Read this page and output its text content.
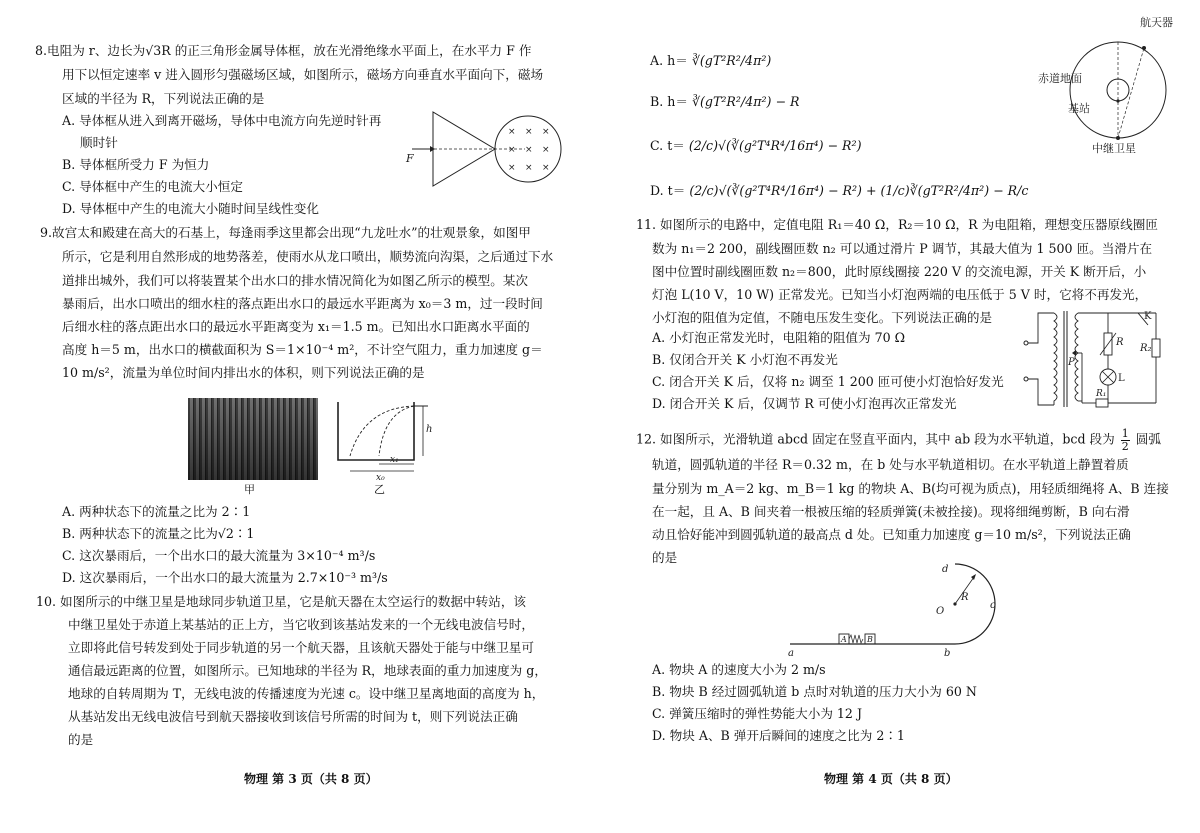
8.电阻为 r、边长为√3R 的正三角形金属导体框，放在光滑绝缘水平面上，在水平力 F 作
用下以恒定速率 v 进入圆形匀强磁场区域，如图所示，磁场方向垂直水平面向下，磁场
区域的半径为 R，下列说法正确的是
A. 导体框从进入到离开磁场，导体中电流方向先逆时针再
顺时针
B. 导体框所受力 F 为恒力
C. 导体框中产生的电流大小恒定
D. 导体框中产生的电流大小随时间呈线性变化
× × ×
× × ×
× × ×
F
9.故宫太和殿建在高大的石基上，每逢雨季这里都会出现“九龙吐水”的壮观景象，如图甲
所示，它是利用自然形成的地势落差，使雨水从龙口喷出，顺势流向沟渠，之后通过下水
道排出城外，我们可以将装置某个出水口的排水情况简化为如图乙所示的模型。某次
暴雨后，出水口喷出的细水柱的落点距出水口的最远水平距离为 x₀＝3 m，过一段时间
后细水柱的落点距出水口的最远水平距离变为 x₁＝1.5 m。已知出水口距离水平面的
高度 h＝5 m，出水口的横截面积为 S＝1×10⁻⁴ m²，不计空气阻力，重力加速度 g＝
10 m/s²，流量为单位时间内排出水的体积，则下列说法正确的是
甲
h
x₁
x₀
乙
A. 两种状态下的流量之比为 2∶1
B. 两种状态下的流量之比为√2∶1
C. 这次暴雨后，一个出水口的最大流量为 3×10⁻⁴ m³/s
D. 这次暴雨后，一个出水口的最大流量为 2.7×10⁻³ m³/s
10. 如图所示的中继卫星是地球同步轨道卫星，它是航天器在太空运行的数据中转站，该
中继卫星处于赤道上某基站的正上方，当它收到该基站发来的一个无线电波信号时，
立即将此信号转发到处于同步轨道的另一个航天器，且该航天器处于能与中继卫星可
通信最远距离的位置，如图所示。已知地球的半径为 R，地球表面的重力加速度为 g，
地球的自转周期为 T，无线电波的传播速度为光速 c。设中继卫星离地面的高度为 h，
从基站发出无线电波信号到航天器接收到该信号所需的时间为 t，则下列说法正确
的是
物理 第 3 页（共 8 页）
A. h＝ ∛(gT²R²/4π²)
B. h＝ ∛(gT²R²/4π²) − R
C. t＝ (2/c)√(∛(g²T⁴R⁴/16π⁴) − R²)
D. t＝ (2/c)√(∛(g²T⁴R⁴/16π⁴) − R²) + (1/c)∛(gT²R²/4π²) − R/c
航天器
赤道地面
基站
中继卫星
11. 如图所示的电路中，定值电阻 R₁＝40 Ω，R₂＝10 Ω，R 为电阻箱，理想变压器原线圈匝
数为 n₁＝2 200，副线圈匝数 n₂ 可以通过滑片 P 调节，其最大值为 1 500 匝。当滑片在
图中位置时副线圈匝数 n₂＝800，此时原线圈接 220 V 的交流电源，开关 K 断开后，小
灯泡 L(10 V，10 W) 正常发光。已知当小灯泡两端的电压低于 5 V 时，它将不再发光，
小灯泡的阻值为定值，不随电压发生变化。下列说法正确的是
A. 小灯泡正常发光时，电阻箱的阻值为 70 Ω
B. 仅闭合开关 K 小灯泡不再发光
C. 闭合开关 K 后，仅将 n₂ 调至 1 200 匝可使小灯泡恰好发光
D. 闭合开关 K 后，仅调节 R 可使小灯泡再次正常发光
K
R
R₂
P
L
R₁
12. 如图所示，光滑轨道 abcd 固定在竖直平面内，其中 ab 段为水平轨道，bcd 段为 $\frac{1}{2}$ 圆弧
轨道，圆弧轨道的半径 R＝0.32 m，在 b 处与水平轨道相切。在水平轨道上静置着质
量分别为 m_A＝2 kg、m_B＝1 kg 的物块 A、B(均可视为质点)，用轻质细绳将 A、B 连接
在一起，且 A、B 间夹着一根被压缩的轻质弹簧(未被拴接)。现将细绳剪断，B 向右滑
动且恰好能冲到圆弧轨道的最高点 d 处。已知重力加速度 g＝10 m/s²，下列说法正确
的是
d
R
O
c
a	b
A	B
A. 物块 A 的速度大小为 2 m/s
B. 物块 B 经过圆弧轨道 b 点时对轨道的压力大小为 60 N
C. 弹簧压缩时的弹性势能大小为 12 J
D. 物块 A、B 弹开后瞬间的速度之比为 2∶1
物理 第 4 页（共 8 页）
